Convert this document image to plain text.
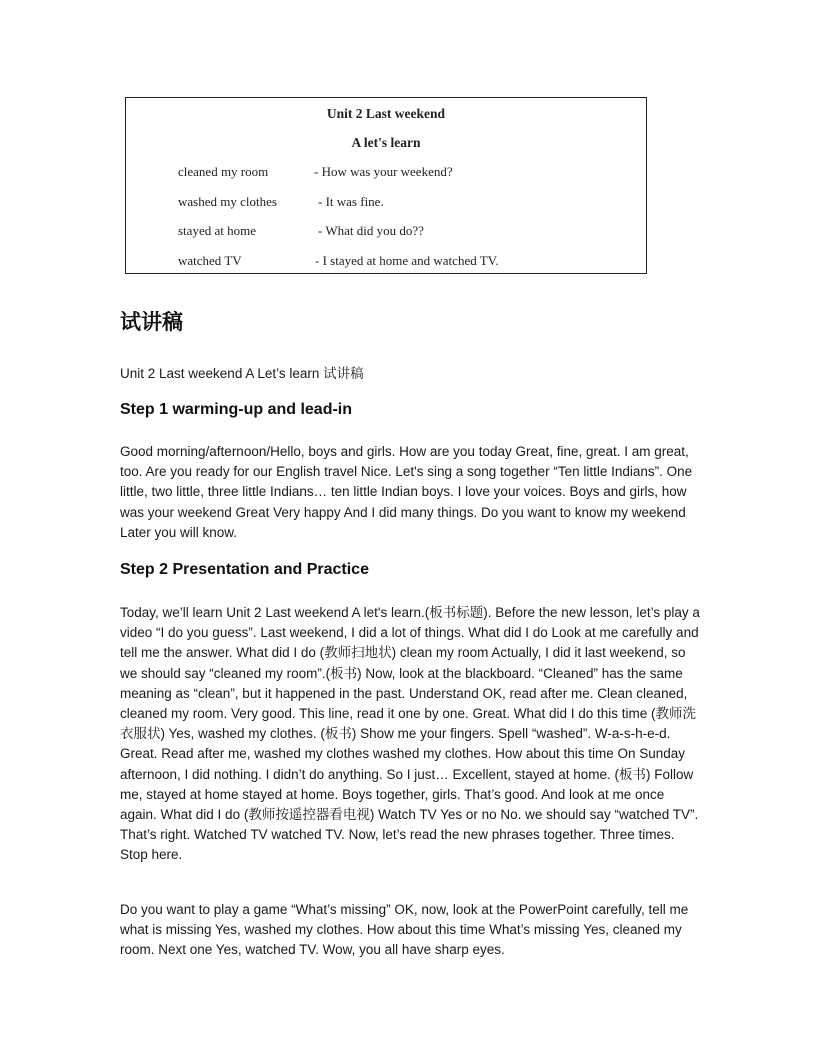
Unit 2 Last weekend
A let's learn
cleaned my room	- How was your weekend?
washed my clothes	- It was fine.
stayed at home	- What did you do??
watched TV	- I stayed at home and watched TV.
试讲稿
Unit 2 Last weekend A Let’s learn 试讲稿
Step 1 warming-up and lead-in
Good morning/afternoon/Hello, boys and girls. How are you today Great, fine, great. I am great, too. Are you ready for our English travel Nice. Let's sing a song together “Ten little Indians”. One little, two little, three little Indians… ten little Indian boys. I love your voices. Boys and girls, how was your weekend Great Very happy And I did many things. Do you want to know my weekend Later you will know.
Step 2 Presentation and Practice
Today, we’ll learn Unit 2 Last weekend A let's learn.(板书标题). Before the new lesson, let’s play a video “I do you guess”. Last weekend, I did a lot of things. What did I do Look at me carefully and tell me the answer. What did I do (教师扫地状) clean my room Actually, I did it last weekend, so we should say “cleaned my room”.(板书) Now, look at the blackboard. “Cleaned” has the same meaning as “clean”, but it happened in the past. Understand OK, read after me. Clean cleaned, cleaned my room. Very good. This line, read it one by one. Great. What did I do this time (教师洗衣服状) Yes, washed my clothes. (板书) Show me your fingers. Spell “washed”. W-a-s-h-e-d. Great. Read after me, washed my clothes washed my clothes. How about this time On Sunday afternoon, I did nothing. I didn’t do anything. So I just… Excellent, stayed at home. (板书) Follow me, stayed at home stayed at home. Boys together, girls. That’s good. And look at me once again. What did I do (教师按遥控器看电视) Watch TV Yes or no No. we should say “watched TV”. That’s right. Watched TV watched TV. Now, let’s read the new phrases together. Three times. Stop here.
Do you want to play a game “What’s missing” OK, now, look at the PowerPoint carefully, tell me what is missing Yes, washed my clothes. How about this time What’s missing Yes, cleaned my room. Next one Yes, watched TV. Wow, you all have sharp eyes.
